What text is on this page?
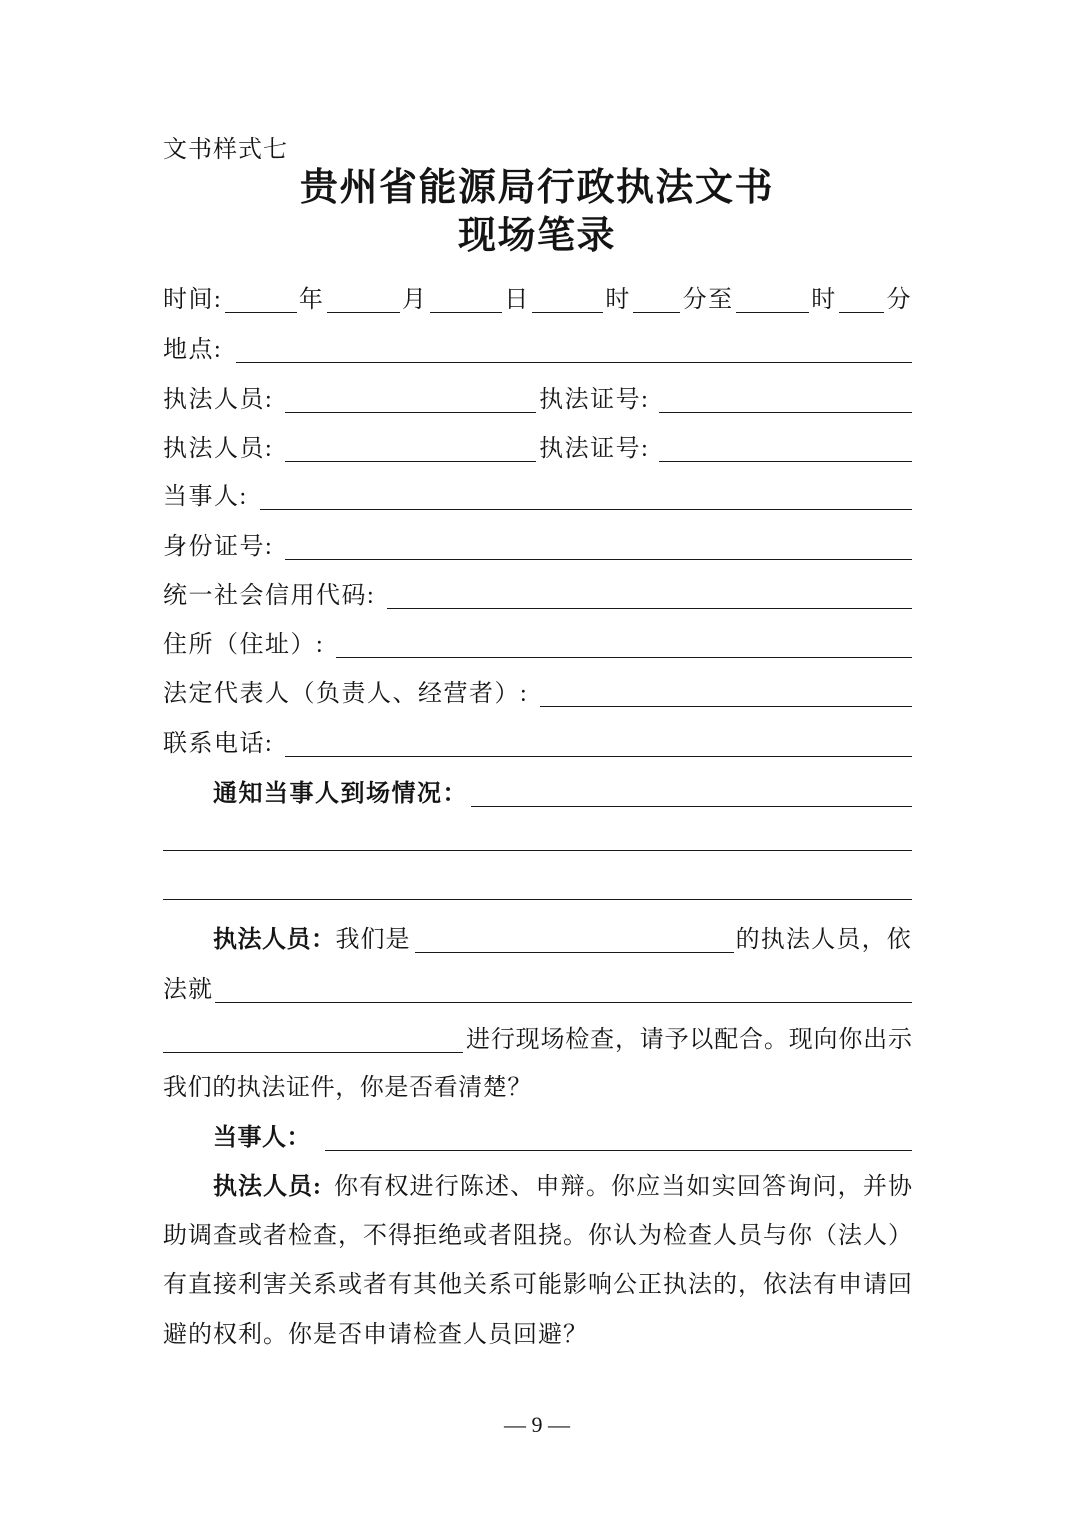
文书样式七
贵州省能源局行政执法文书
现场笔录
时间:	年	月	日	时 分至	时 分
地点:
执法人员:	执法证号:
执法人员:	执法证号:
当事人:
身份证号:
统一社会信用代码:
住所（住址）:
法定代表人（负责人、经营者）:
联系电话:
通知当事人到场情况：
执法人员： 我们是	的执法人员，依
法就
进行现场检查，请予以配合。现向你出示
我们的执法证件，你是否看清楚？
当事人：
执法人员: 你有权进行陈述、申辩。你应当如实回答询问，并协
助调查或者检查，不得拒绝或者阻挠。你认为检查人员与你（法人）
有直接利害关系或者有其他关系可能影响公正执法的，依法有申请回
避的权利。你是否申请检查人员回避？
— 9 —
